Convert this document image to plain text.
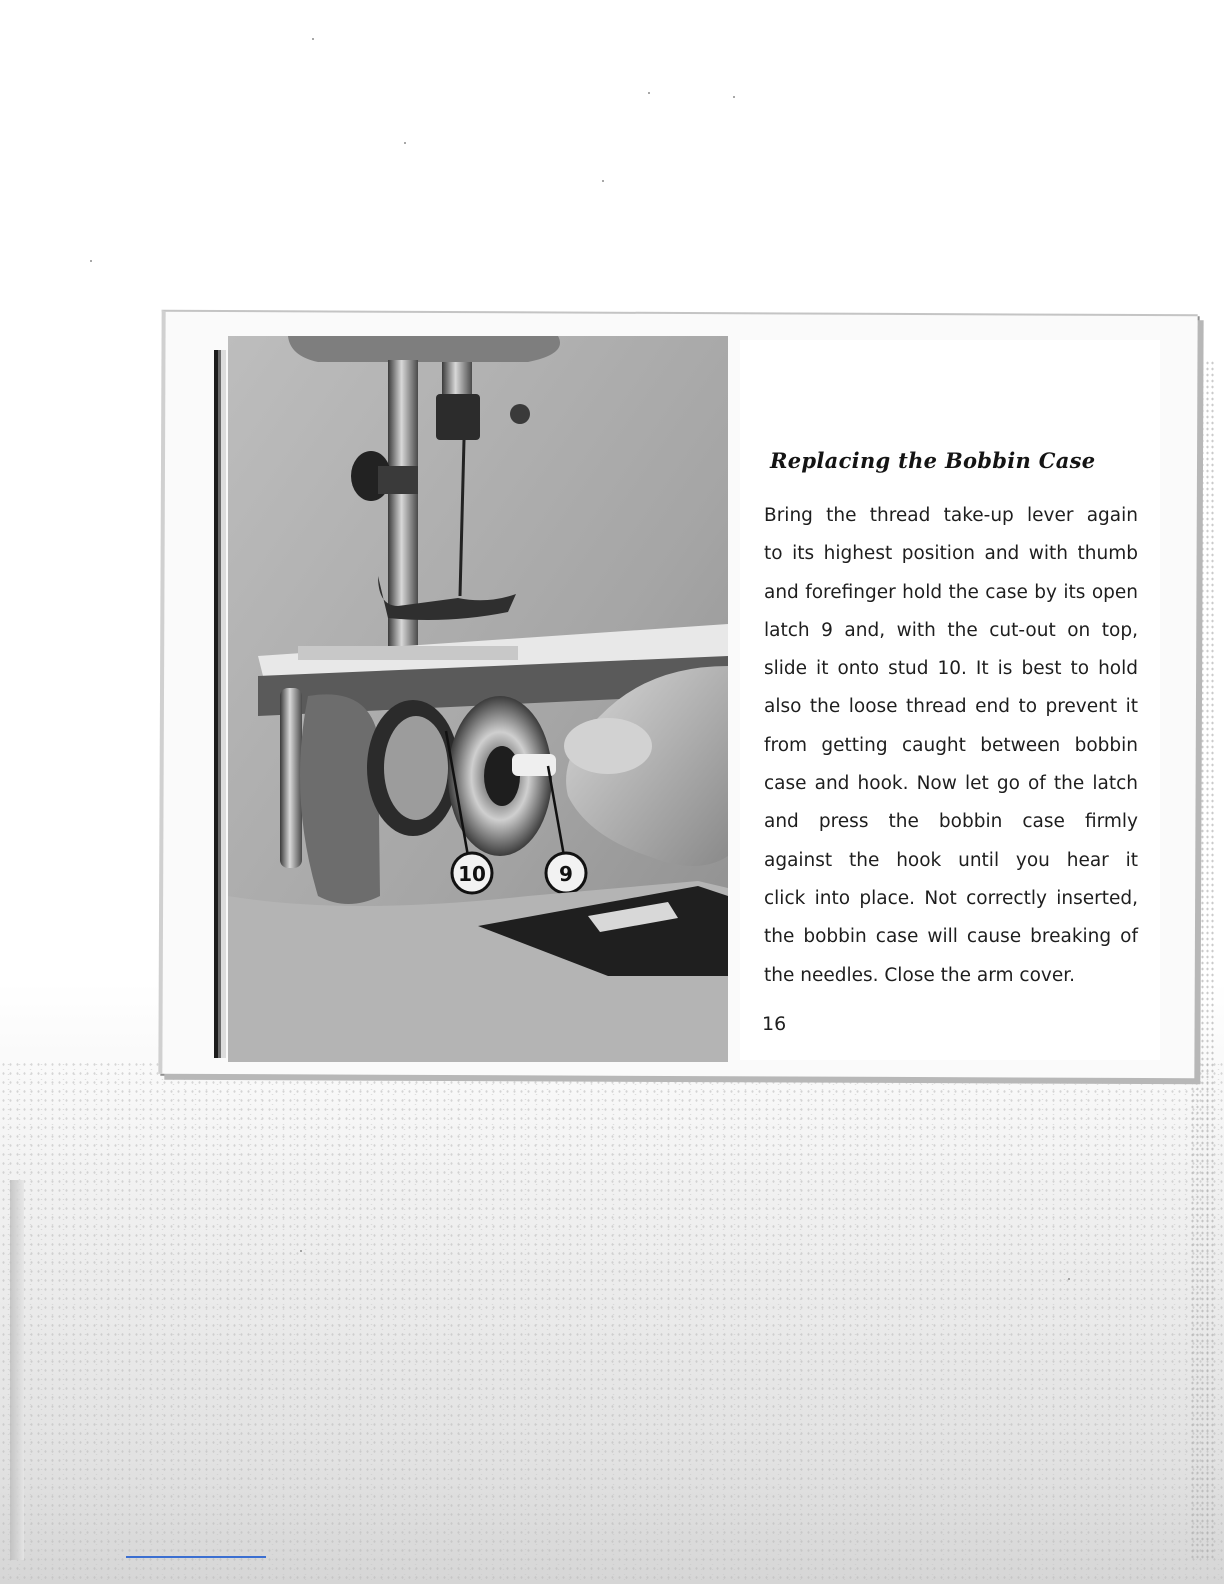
10	9
Replacing the Bobbin Case
Bring the thread take-up lever again
to its highest position and with thumb
and forefinger hold the case by its open
latch 9 and, with the cut-out on top,
slide it onto stud 10. It is best to hold
also the loose thread end to prevent it
from getting caught between bobbin
case and hook. Now let go of the latch
and press the bobbin case firmly
against the hook until you hear it
click into place. Not correctly inserted,
the bobbin case will cause breaking of
the needles. Close the arm cover.
16
